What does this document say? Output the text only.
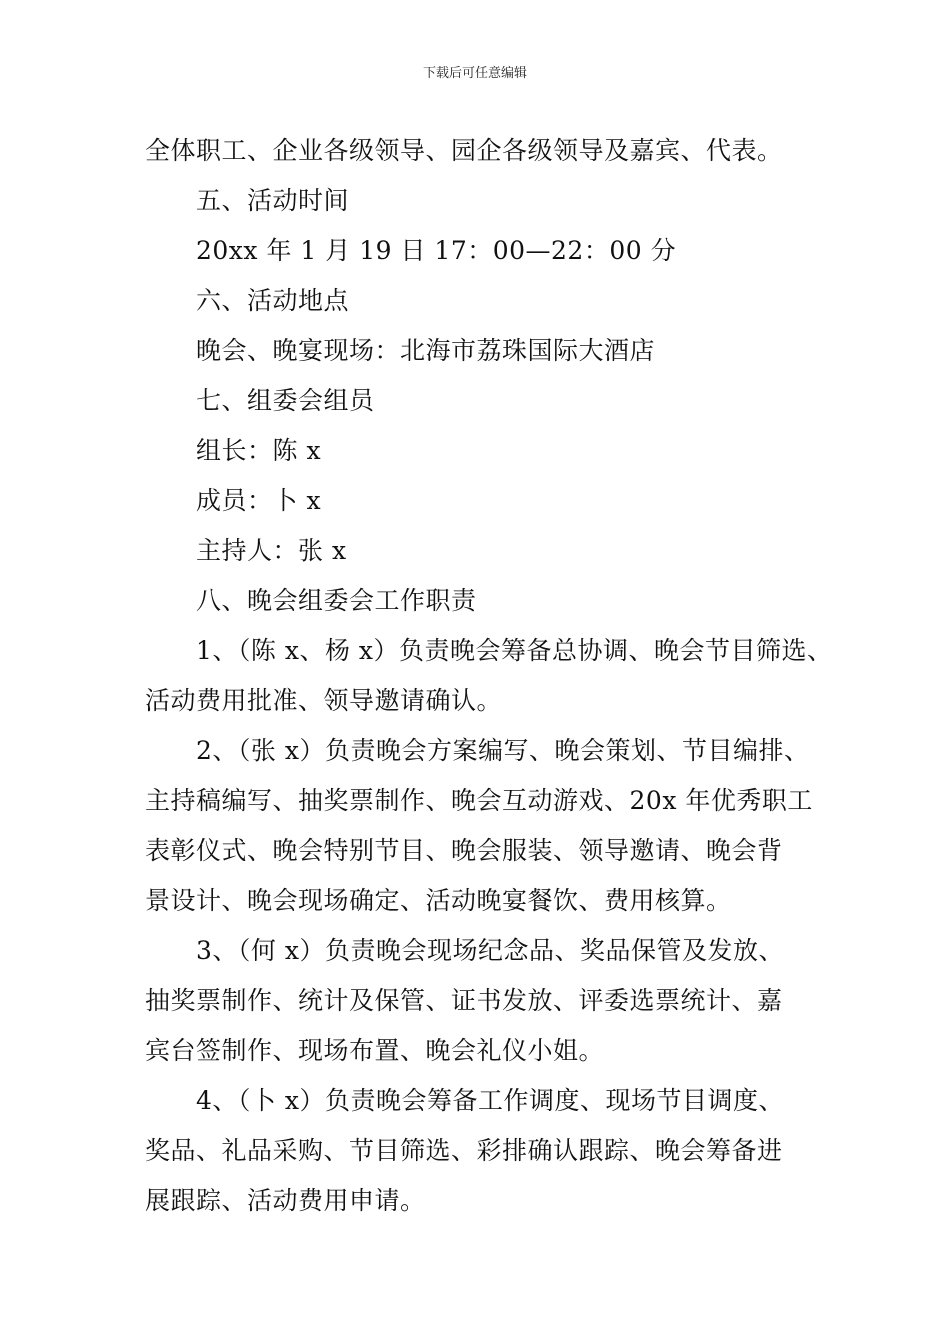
下载后可任意编辑
全体职工、企业各级领导、园企各级领导及嘉宾、代表。
五、活动时间
20xx 年 1 月 19 日 17：00—22：00 分
六、活动地点
晚会、晚宴现场：北海市荔珠国际大酒店
七、组委会组员
组长：陈 x
成员：卜 x
主持人：张 x
八、晚会组委会工作职责
1、（陈 x、杨 x）负责晚会筹备总协调、晚会节目筛选、
活动费用批准、领导邀请确认。
2、（张 x）负责晚会方案编写、晚会策划、节目编排、
主持稿编写、抽奖票制作、晚会互动游戏、20x 年优秀职工
表彰仪式、晚会特别节目、晚会服装、领导邀请、晚会背
景设计、晚会现场确定、活动晚宴餐饮、费用核算。
3、（何 x）负责晚会现场纪念品、奖品保管及发放、
抽奖票制作、统计及保管、证书发放、评委选票统计、嘉
宾台签制作、现场布置、晚会礼仪小姐。
4、（卜 x）负责晚会筹备工作调度、现场节目调度、
奖品、礼品采购、节目筛选、彩排确认跟踪、晚会筹备进
展跟踪、活动费用申请。
